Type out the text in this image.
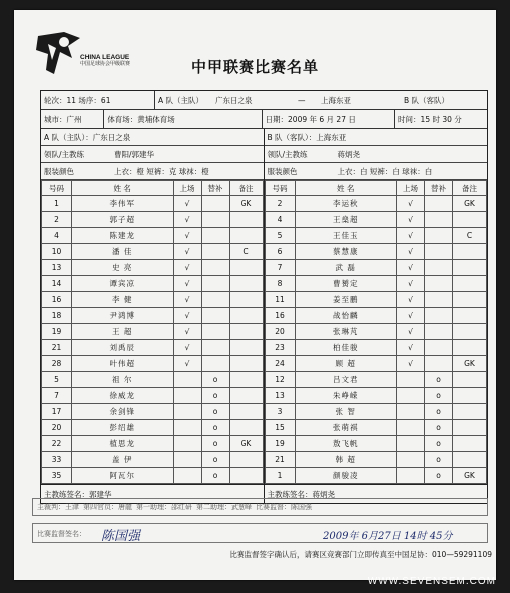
CHINA LEAGUE
中国足球协会甲级联赛	中甲联赛比赛名单
轮次：11 场序：61	A 队（主队）	广东日之泉	—	上海东亚	B 队（客队）
城市：广州	体育场：黄埔体育场	日期：2009 年 6 月 27 日	时间：15 时 30 分
A 队（主队）：广东日之泉
领队/主教练	曹阳/郭建华
服装颜色	上衣：橙 短裤：克 球袜：橙
号码	姓 名	上场	替补	备注
1	李伟军	√		GK
2	郭子超	√		
4	陈建龙	√		
10	潘 佳	√		C
13	史 亮	√		
14	谭宾凉	√		
16	李 健	√		
18	尹鸿博	√		
19	王 超	√		
21	刘禹辰	√		
28	叶伟超	√		
5	祖 尔		o	
7	徐威龙		o	
17	余剑锋		o	
20	彭绍雄		o	
22	植思龙		o	GK
33	盖 伊		o	
35	阿瓦尔		o	
主教练签名：郭建华
B 队（客队）：上海东亚
领队/主教练	蒋炳尧
服装颜色	上衣：白 短裤：白 球袜：白
号码	姓 名	上场	替补	备注
2	李运秋	√		GK
4	王燊超	√		
5	王佳玉	√		C
6	蔡慧康	√		
7	武 磊	√		
8	曹赟定	√		
11	姜至鹏	√		
16	战怡麟	√		
20	张琳芃	√		
23	柏佳骏	√		
24	顾 超	√		GK
12	吕文君		o	
13	朱峥嵘		o	
3	张 智		o	
15	张萌祺		o	
19	敖飞帆		o	
21	韩 超		o	
1	颜骏凌		o	GK
主教练签名：蒋炳尧
主裁判：王津 第四官员：唐龍 第一助理：邵红研 第二助理：武慧峰 比赛监督：陈国强
比赛监督签名： 陈国强	2009年 6月27日 14时 45分
比赛监督签字确认后，请赛区竞赛部门立即传真至中国足协：010—59291109
WWW.SEVENSEM.COM
